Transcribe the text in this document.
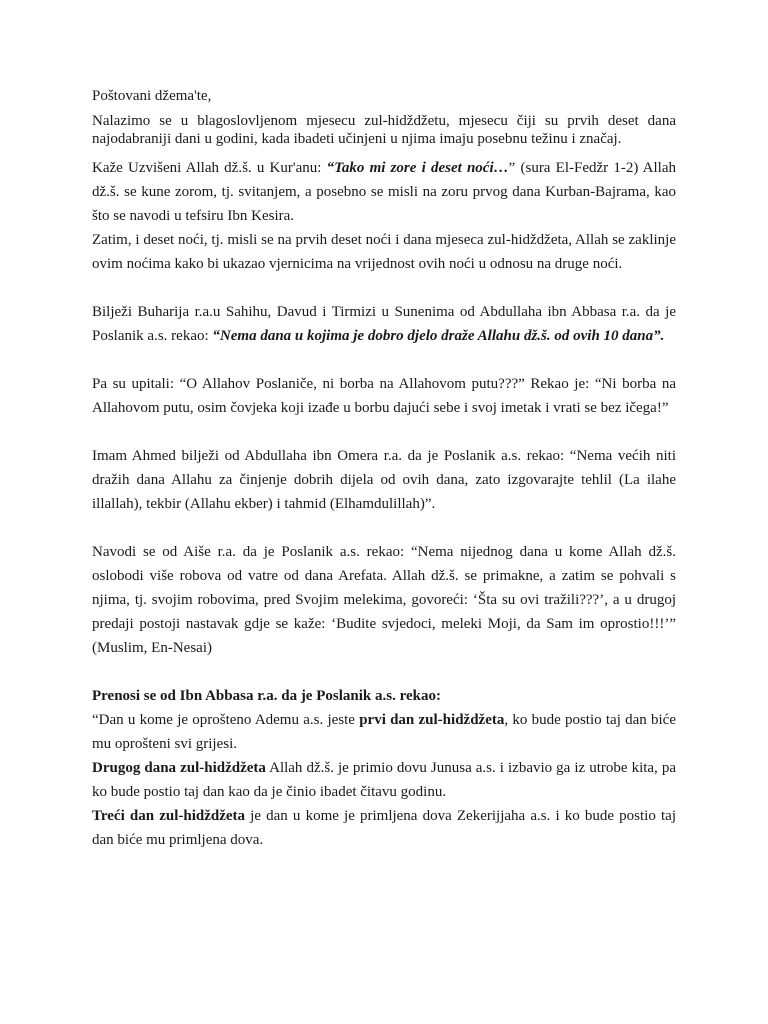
Poštovani džema'te,

Nalazimo se u blagoslovljenom mjesecu zul-hidždžetu, mjesecu čiji su prvih deset dana najodabraniji dani u godini, kada ibadeti učinjeni u njima imaju posebnu težinu i značaj.

Kaže Uzvišeni Allah dž.š. u Kur'anu: “Tako mi zore i deset noći…” (sura El-Fedžr 1-2) Allah dž.š. se kune zorom, tj. svitanjem, a posebno se misli na zoru prvog dana Kurban-Bajrama, kao što se navodi u tefsiru Ibn Kesira.
Zatim, i deset noći, tj. misli se na prvih deset noći i dana mjeseca zul-hidždžeta, Allah se zaklinje ovim noćima kako bi ukazao vjernicima na vrijednost ovih noći u odnosu na druge noći.

Bilježi Buharija r.a.u Sahihu, Davud i Tirmizi u Sunenima od Abdullaha ibn Abbasa r.a. da je Poslanik a.s. rekao: “Nema dana u kojima je dobro djelo draže Allahu dž.š. od ovih 10 dana”.

Pa su upitali: “O Allahov Poslaniče, ni borba na Allahovom putu???” Rekao je: “Ni borba na Allahovom putu, osim čovjeka koji izađe u borbu dajući sebe i svoj imetak i vrati se bez ičega!”

Imam Ahmed bilježi od Abdullaha ibn Omera r.a. da je Poslanik a.s. rekao: “Nema većih niti dražih dana Allahu za činjenje dobrih dijela od ovih dana, zato izgovarajte tehlil (La ilahe illallah), tekbir (Allahu ekber) i tahmid (Elhamdulillah)”.

Navodi se od Aiše r.a. da je Poslanik a.s. rekao: “Nema nijednog dana u kome Allah dž.š. oslobodi više robova od vatre od dana Arefata. Allah dž.š. se primakne, a zatim se pohvali s njima, tj. svojim robovima, pred Svojim melekima, govoreći: ‘Šta su ovi tražili???’, a u drugoj predaji postoji nastavak gdje se kaže: ‘Budite svjedoci, meleki Moji, da Sam im oprostio!!!’” (Muslim, En-Nesai)

Prenosi se od Ibn Abbasa r.a. da je Poslanik a.s. rekao:
“Dan u kome je oprošteno Ademu a.s. jeste prvi dan zul-hidždžeta, ko bude postio taj dan biće mu oprošteni svi grijesi.
Drugog dana zul-hidždžeta Allah dž.š. je primio dovu Junusa a.s. i izbavio ga iz utrobe kita, pa ko bude postio taj dan kao da je činio ibadet čitavu godinu.
Treći dan zul-hidždžeta je dan u kome je primljena dova Zekerijjaha a.s. i ko bude postio taj dan biće mu primljena dova.
